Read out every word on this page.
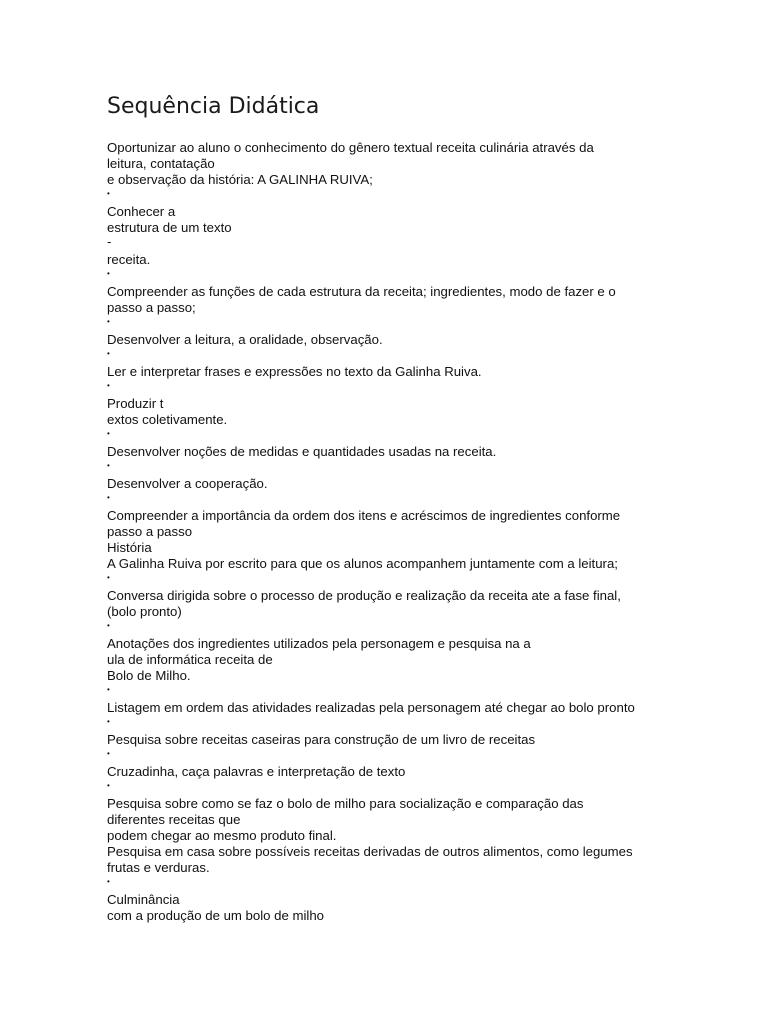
Sequência Didática
Oportunizar ao aluno o conhecimento do gênero textual receita culinária através da
leitura, contatação
e observação da história: A GALINHA RUIVA;
•
Conhecer a
estrutura de um texto
-
receita.
•
Compreender as funções de cada estrutura da receita; ingredientes, modo de fazer e o
passo a passo;
•
Desenvolver a leitura, a oralidade, observação.
•
Ler e interpretar frases e expressões no texto da Galinha Ruiva.
•
Produzir t
extos coletivamente.
•
Desenvolver noções de medidas e quantidades usadas na receita.
•
Desenvolver a cooperação.
•
Compreender a importância da ordem dos itens e acréscimos de ingredientes conforme
passo a passo
História
A Galinha Ruiva por escrito para que os alunos acompanhem juntamente com a leitura;
•
Conversa dirigida sobre o processo de produção e realização da receita ate a fase final,
(bolo pronto)
•
Anotações dos ingredientes utilizados pela personagem e pesquisa na a
ula de informática receita de
Bolo de Milho.
•
Listagem em ordem das atividades realizadas pela personagem até chegar ao bolo pronto
•
Pesquisa sobre receitas caseiras para construção de um livro de receitas
•
Cruzadinha, caça palavras e interpretação de texto
•
Pesquisa sobre como se faz o bolo de milho para socialização e comparação das
diferentes receitas que
podem chegar ao mesmo produto final.
Pesquisa em casa sobre possíveis receitas derivadas de outros alimentos, como legumes
frutas e verduras.
•
Culminância
com a produção de um bolo de milho
